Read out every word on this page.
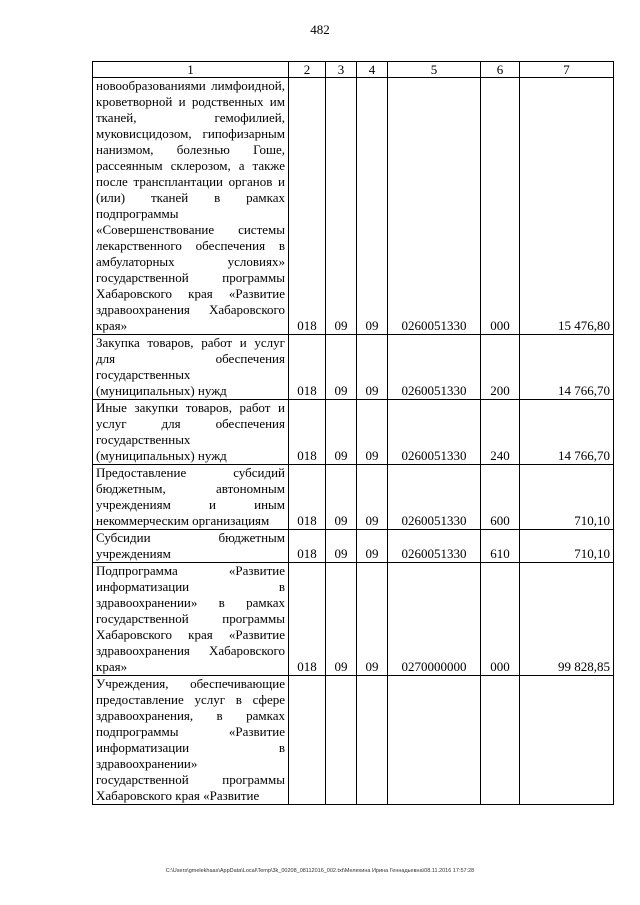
482
1	2	3	4	5	6	7
новообразованиями лимфоидной, кроветворной и родственных им тканей, гемофилией, муковисцидозом, гипофизарным нанизмом, болезнью Гоше, рассеянным склерозом, а также после трансплантации органов и (или) тканей в рамках подпрограммы «Совершенствование системы лекарственного обеспечения в амбулаторных условиях» государственной программы Хабаровского края «Развитие здравоохранения Хабаровского края»	018	09	09	0260051330	000	15 476,80
Закупка товаров, работ и услуг для обеспечения государственных (муниципальных) нужд	018	09	09	0260051330	200	14 766,70
Иные закупки товаров, работ и услуг для обеспечения государственных (муниципальных) нужд	018	09	09	0260051330	240	14 766,70
Предоставление субсидий бюджетным, автономным учреждениям и иным некоммерческим организациям	018	09	09	0260051330	600	710,10
Субсидии бюджетным учреждениям	018	09	09	0260051330	610	710,10
Подпрограмма «Развитие информатизации в здравоохранении» в рамках государственной программы Хабаровского края «Развитие здравоохранения Хабаровского края»	018	09	09	0270000000	000	99 828,85
Учреждения, обеспечивающие предоставление услуг в сфере здравоохранения, в рамках подпрограммы «Развитие информатизации в здравоохранении» государственной программы Хабаровского края «Развитие						
C:\Users\gmelekhaas\AppData\Local\Temp\3k_00208_08112016_002.txt\Мелехина Ирина Геннадьевна\08.11.2016 17:57:28
